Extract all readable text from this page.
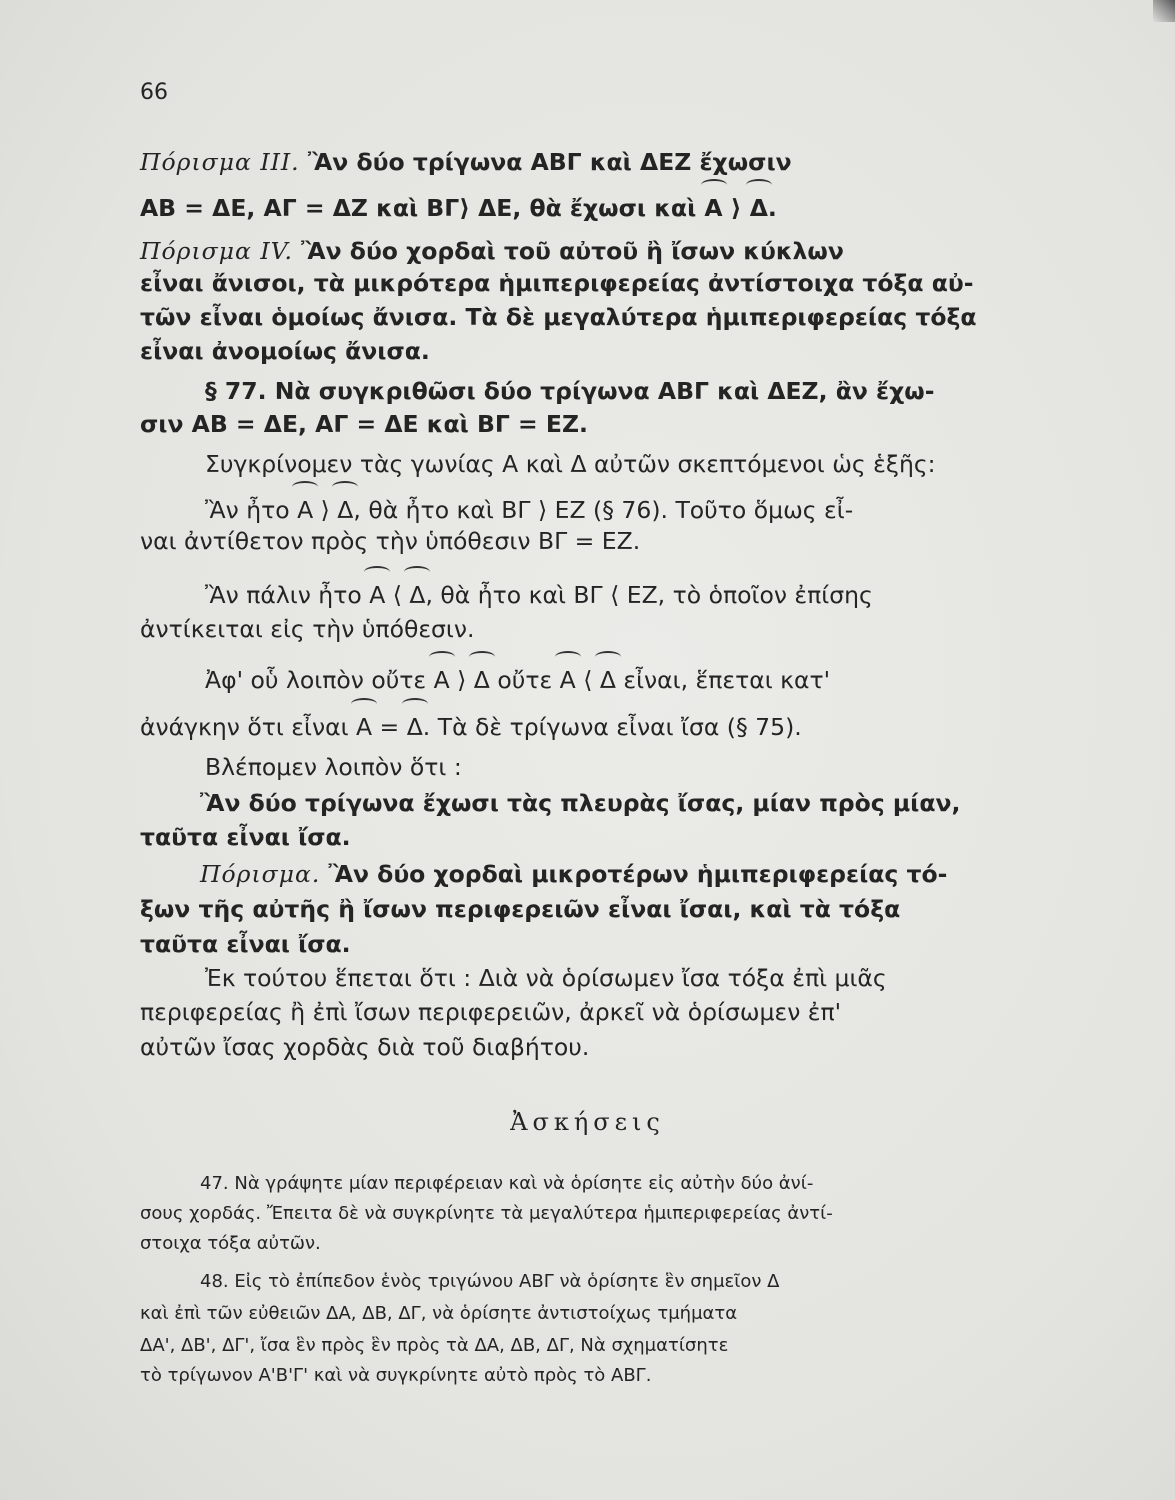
66
Πόρισμα III. Ἂν δύο τρίγωνα ΑΒΓ καὶ ΔΕΖ ἔχωσιν
ΑΒ = ΔΕ, ΑΓ = ΔΖ καὶ ΒΓ⟩ ΔΕ, θὰ ἔχωσι καὶ Α ⟩ Δ.
Πόρισμα IV. Ἂν δύο χορδαὶ τοῦ αὐτοῦ ἢ ἴσων κύκλων
εἶναι ἄνισοι, τὰ μικρότερα ἡμιπεριφερείας ἀντίστοιχα τόξα αὐ-
τῶν εἶναι ὁμοίως ἄνισα. Τὰ δὲ μεγαλύτερα ἡμιπεριφερείας τόξα
εἶναι ἀνομοίως ἄνισα.
§ 77. Νὰ συγκριθῶσι δύο τρίγωνα ΑΒΓ καὶ ΔΕΖ, ἂν ἔχω-
σιν ΑΒ = ΔΕ, ΑΓ = ΔΕ καὶ ΒΓ = ΕΖ.
Συγκρίνομεν τὰς γωνίας Α καὶ Δ αὐτῶν σκεπτόμενοι ὡς ἑξῆς:
Ἂν ἦτο Α ⟩ Δ, θὰ ἦτο καὶ ΒΓ ⟩ ΕΖ (§ 76). Τοῦτο ὅμως εἶ-
ναι ἀντίθετον πρὸς τὴν ὑπόθεσιν ΒΓ = ΕΖ.
Ἂν πάλιν ἦτο Α ⟨ Δ, θὰ ἦτο καὶ ΒΓ ⟨ ΕΖ, τὸ ὁποῖον ἐπίσης
ἀντίκειται εἰς τὴν ὑπόθεσιν.
Ἀφ' οὗ λοιπὸν οὔτε Α ⟩ Δ οὔτε Α ⟨ Δ εἶναι, ἕπεται κατ'
ἀνάγκην ὅτι εἶναι Α = Δ. Τὰ δὲ τρίγωνα εἶναι ἴσα (§ 75).
Βλέπομεν λοιπὸν ὅτι :
Ἂν δύο τρίγωνα ἔχωσι τὰς πλευρὰς ἴσας, μίαν πρὸς μίαν,
ταῦτα εἶναι ἴσα.
Πόρισμα. Ἂν δύο χορδαὶ μικροτέρων ἡμιπεριφερείας τό-
ξων τῆς αὐτῆς ἢ ἴσων περιφερειῶν εἶναι ἴσαι, καὶ τὰ τόξα
ταῦτα εἶναι ἴσα.
Ἐκ τούτου ἕπεται ὅτι : Διὰ νὰ ὁρίσωμεν ἴσα τόξα ἐπὶ μιᾶς
περιφερείας ἢ ἐπὶ ἴσων περιφερειῶν, ἀρκεῖ νὰ ὁρίσωμεν ἐπ'
αὐτῶν ἴσας χορδὰς διὰ τοῦ διαβήτου.
Ἀσκήσεις
47. Νὰ γράψητε μίαν περιφέρειαν καὶ νὰ ὁρίσητε εἰς αὐτὴν δύο ἀνί-
σους χορδάς. Ἔπειτα δὲ νὰ συγκρίνητε τὰ μεγαλύτερα ἡμιπεριφερείας ἀντί-
στοιχα τόξα αὐτῶν.
48. Εἰς τὸ ἐπίπεδον ἑνὸς τριγώνου ΑΒΓ νὰ ὁρίσητε ἓν σημεῖον Δ
καὶ ἐπὶ τῶν εὐθειῶν ΔΑ, ΔΒ, ΔΓ, νὰ ὁρίσητε ἀντιστοίχως τμήματα
ΔΑ', ΔΒ', ΔΓ', ἴσα ἓν πρὸς ἓν πρὸς τὰ ΔΑ, ΔΒ, ΔΓ, Νὰ σχηματίσητε
τὸ τρίγωνον Α'Β'Γ' καὶ νὰ συγκρίνητε αὐτὸ πρὸς τὸ ΑΒΓ.
